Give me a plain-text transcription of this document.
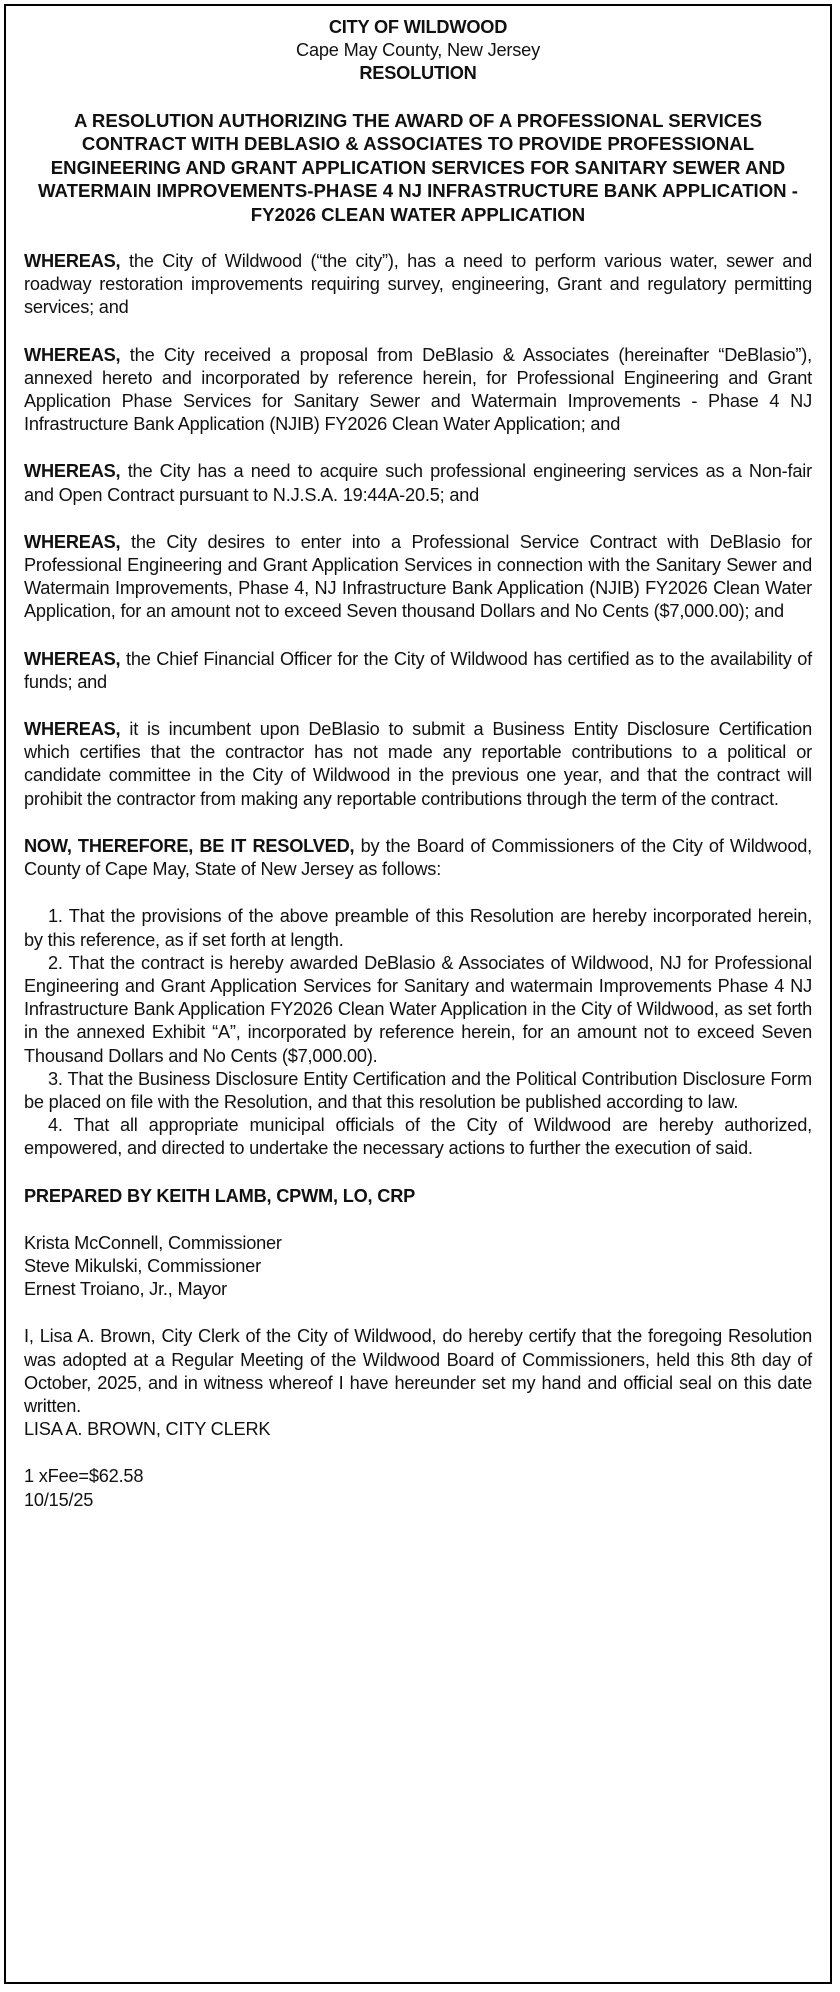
CITY OF WILDWOOD
Cape May County, New Jersey
RESOLUTION
A RESOLUTION AUTHORIZING THE AWARD OF A PROFESSIONAL SERVICES CONTRACT WITH DEBLASIO & ASSOCIATES TO PROVIDE PROFESSIONAL ENGINEERING AND GRANT APPLICATION SERVICES FOR SANITARY SEWER AND WATERMAIN IMPROVEMENTS-PHASE 4 NJ INFRASTRUCTURE BANK APPLICATION - FY2026 CLEAN WATER APPLICATION

WHEREAS, the City of Wildwood (“the city”), has a need to perform various water, sewer and roadway restoration improvements requiring survey, engineering, Grant and regulatory permitting services; and

WHEREAS, the City received a proposal from DeBlasio & Associates (hereinafter “DeBlasio”), annexed hereto and incorporated by reference herein, for Professional Engineering and Grant Application Phase Services for Sanitary Sewer and Watermain Improvements - Phase 4 NJ Infrastructure Bank Application (NJIB) FY2026 Clean Water Application; and

WHEREAS, the City has a need to acquire such professional engineering services as a Non-fair and Open Contract pursuant to N.J.S.A. 19:44A-20.5; and

WHEREAS, the City desires to enter into a Professional Service Contract with DeBlasio for Professional Engineering and Grant Application Services in connection with the Sanitary Sewer and Watermain Improvements, Phase 4, NJ Infrastructure Bank Application (NJIB) FY2026 Clean Water Application, for an amount not to exceed Seven thousand Dollars and No Cents ($7,000.00); and

WHEREAS, the Chief Financial Officer for the City of Wildwood has certified as to the availability of funds; and

WHEREAS, it is incumbent upon DeBlasio to submit a Business Entity Disclosure Certification which certifies that the contractor has not made any reportable contributions to a political or candidate committee in the City of Wildwood in the previous one year, and that the contract will prohibit the contractor from making any reportable contributions through the term of the contract.

NOW, THEREFORE, BE IT RESOLVED, by the Board of Commissioners of the City of Wildwood, County of Cape May, State of New Jersey as follows:

1. That the provisions of the above preamble of this Resolution are hereby incorporated herein, by this reference, as if set forth at length.
2. That the contract is hereby awarded DeBlasio & Associates of Wildwood, NJ for Professional Engineering and Grant Application Services for Sanitary and watermain Improvements Phase 4 NJ Infrastructure Bank Application FY2026 Clean Water Application in the City of Wildwood, as set forth in the annexed Exhibit “A”, incorporated by reference herein, for an amount not to exceed Seven Thousand Dollars and No Cents ($7,000.00).
3. That the Business Disclosure Entity Certification and the Political Contribution Disclosure Form be placed on file with the Resolution, and that this resolution be published according to law.
4. That all appropriate municipal officials of the City of Wildwood are hereby authorized, empowered, and directed to undertake the necessary actions to further the execution of said.
PREPARED BY KEITH LAMB, CPWM, LO, CRP
Krista McConnell, Commissioner
Steve Mikulski, Commissioner
Ernest Troiano, Jr., Mayor

I, Lisa A. Brown, City Clerk of the City of Wildwood, do hereby certify that the foregoing Resolution was adopted at a Regular Meeting of the Wildwood Board of Commissioners, held this 8th day of October, 2025, and in witness whereof I have hereunder set my hand and official seal on this date written.

LISA A. BROWN, CITY CLERK
1 xFee=$62.58
10/15/25
